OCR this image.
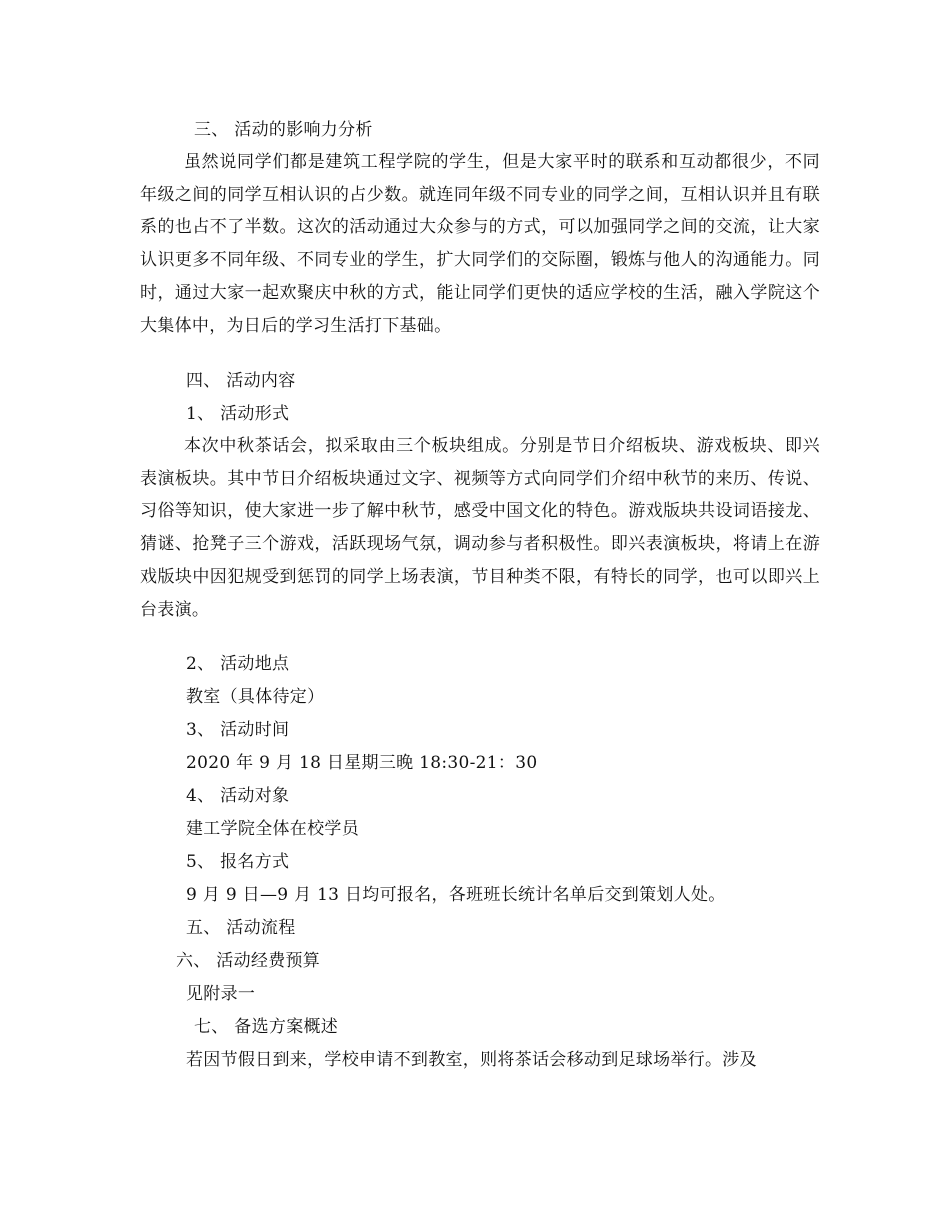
三、 活动的影响力分析
虽然说同学们都是建筑工程学院的学生，但是大家平时的联系和互动都很少，不同年级之间的同学互相认识的占少数。就连同年级不同专业的同学之间，互相认识并且有联系的也占不了半数。这次的活动通过大众参与的方式，可以加强同学之间的交流，让大家认识更多不同年级、不同专业的学生，扩大同学们的交际圈，锻炼与他人的沟通能力。同时，通过大家一起欢聚庆中秋的方式，能让同学们更快的适应学校的生活，融入学院这个大集体中，为日后的学习生活打下基础。
四、 活动内容
1、 活动形式
本次中秋茶话会，拟采取由三个板块组成。分别是节日介绍板块、游戏板块、即兴表演板块。其中节日介绍板块通过文字、视频等方式向同学们介绍中秋节的来历、传说、习俗等知识，使大家进一步了解中秋节，感受中国文化的特色。游戏版块共设词语接龙、猜谜、抢凳子三个游戏，活跃现场气氛，调动参与者积极性。即兴表演板块，将请上在游戏版块中因犯规受到惩罚的同学上场表演，节目种类不限，有特长的同学，也可以即兴上台表演。
2、 活动地点
教室（具体待定）
3、 活动时间
2020 年 9 月 18 日星期三晚 18:30-21：30
4、 活动对象
建工学院全体在校学员
5、 报名方式
9 月 9 日—9 月 13 日均可报名，各班班长统计名单后交到策划人处。
五、 活动流程
六、 活动经费预算
见附录一
七、 备选方案概述
若因节假日到来，学校申请不到教室，则将茶话会移动到足球场举行。涉及
